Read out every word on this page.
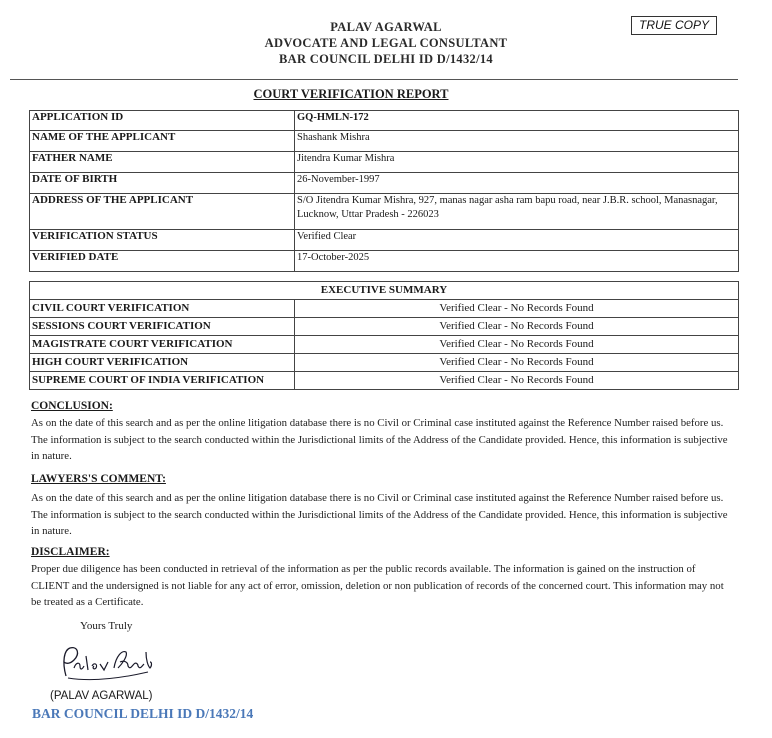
PALAV AGARWAL
ADVOCATE AND LEGAL CONSULTANT
BAR COUNCIL DELHI ID D/1432/14
TRUE COPY
COURT VERIFICATION REPORT
APPLICATION ID	GQ-HMLN-172
NAME OF THE APPLICANT	Shashank Mishra
FATHER NAME	Jitendra Kumar Mishra
DATE OF BIRTH	26-November-1997
ADDRESS OF THE APPLICANT	S/O Jitendra Kumar Mishra, 927, manas nagar asha ram bapu road, near J.B.R. school, Manasnagar, Lucknow, Uttar Pradesh - 226023
VERIFICATION STATUS	Verified Clear
VERIFIED DATE	17-October-2025
EXECUTIVE SUMMARY	
CIVIL COURT VERIFICATION	Verified Clear - No Records Found
SESSIONS COURT VERIFICATION	Verified Clear - No Records Found
MAGISTRATE COURT VERIFICATION	Verified Clear - No Records Found
HIGH COURT VERIFICATION	Verified Clear - No Records Found
SUPREME COURT OF INDIA VERIFICATION	Verified Clear - No Records Found
CONCLUSION:
As on the date of this search and as per the online litigation database there is no Civil or Criminal case instituted against the Reference Number raised before us. The information is subject to the search conducted within the Jurisdictional limits of the Address of the Candidate provided. Hence, this information is subjective in nature.
LAWYERS'S COMMENT:
As on the date of this search and as per the online litigation database there is no Civil or Criminal case instituted against the Reference Number raised before us. The information is subject to the search conducted within the Jurisdictional limits of the Address of the Candidate provided. Hence, this information is subjective in nature.
DISCLAIMER:
Proper due diligence has been conducted in retrieval of the information as per the public records available. The information is gained on the instruction of CLIENT and the undersigned is not liable for any act of error, omission, deletion or non publication of records of the concerned court. This information may not be treated as a Certificate.
Yours Truly
(PALAV AGARWAL)
BAR COUNCIL DELHI ID D/1432/14
